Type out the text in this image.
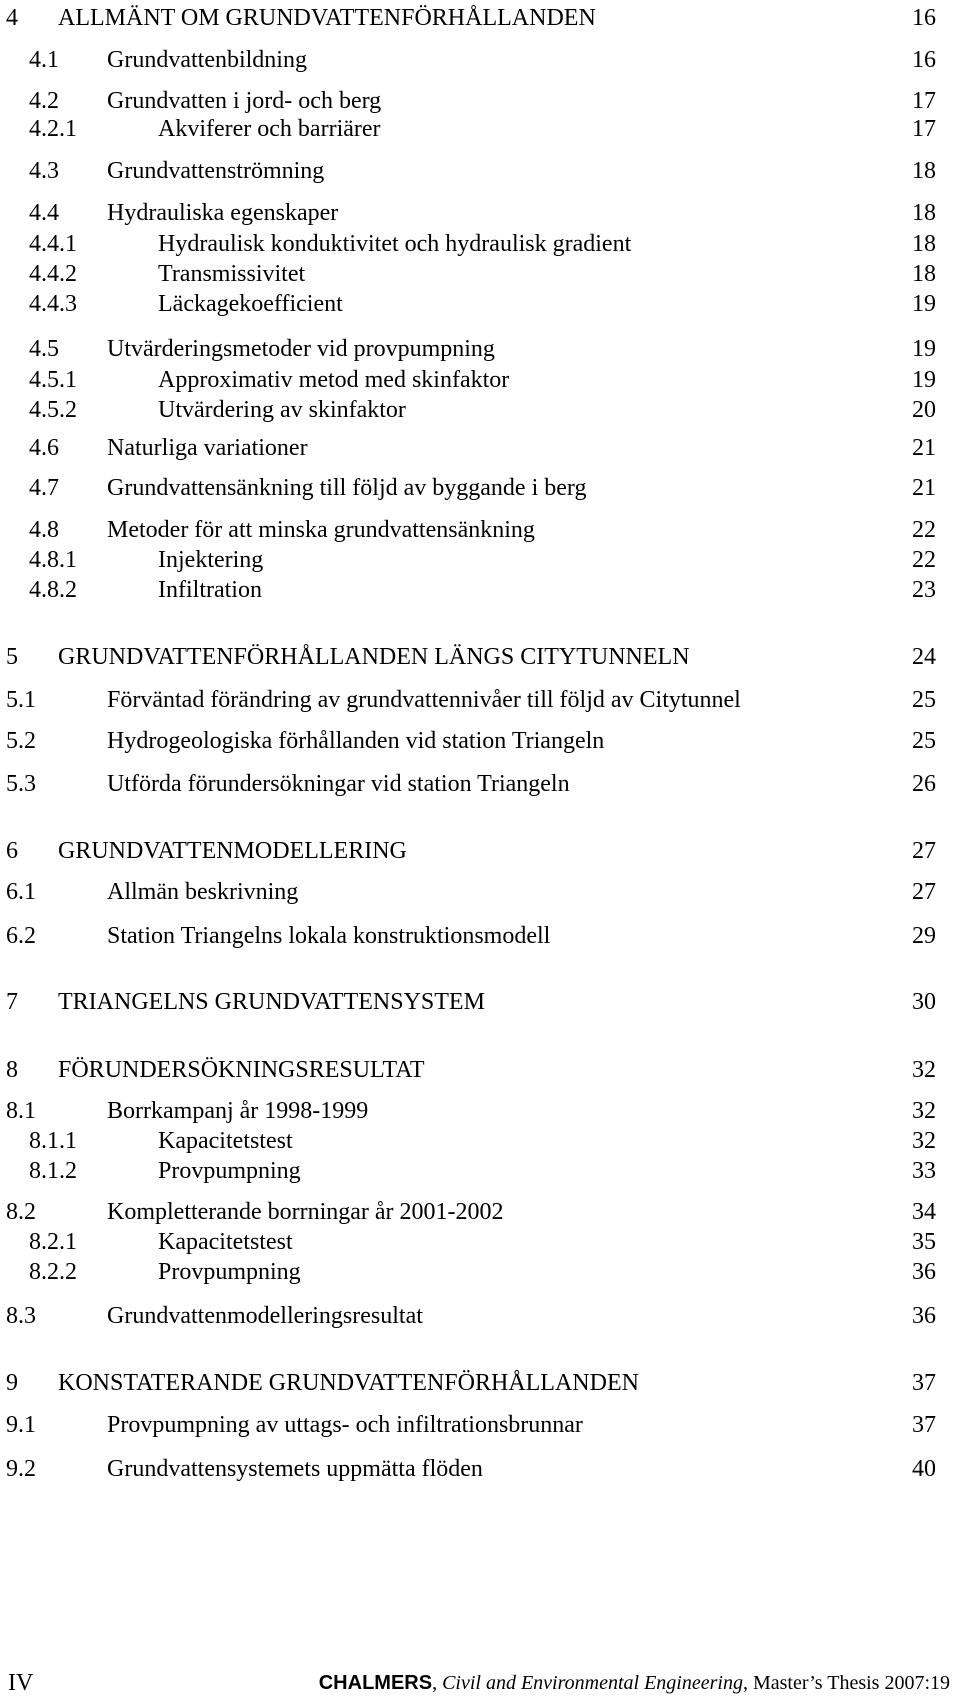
4 ALLMÄNT OM GRUNDVATTENFÖRHÅLLANDEN	16
4.1 Grundvattenbildning	16
4.2 Grundvatten i jord- och berg	17
4.2.1	Akviferer och barriärer	17
4.3 Grundvattenströmning	18
4.4 Hydrauliska egenskaper	18
4.4.1	Hydraulisk konduktivitet och hydraulisk gradient	18
4.4.2	Transmissivitet	18
4.4.3	Läckagekoefficient	19
4.5 Utvärderingsmetoder vid provpumpning	19
4.5.1	Approximativ metod med skinfaktor	19
4.5.2	Utvärdering av skinfaktor	20
4.6 Naturliga variationer	21
4.7 Grundvattensänkning till följd av byggande i berg	21
4.8 Metoder för att minska grundvattensänkning	22
4.8.1	Injektering	22
4.8.2	Infiltration	23
5 GRUNDVATTENFÖRHÅLLANDEN LÄNGS CITYTUNNELN	24
5.1	Förväntad förändring av grundvattennivåer till följd av Citytunnel	25
5.2	Hydrogeologiska förhållanden vid station Triangeln	25
5.3	Utförda förundersökningar vid station Triangeln	26
6 GRUNDVATTENMODELLERING	27
6.1	Allmän beskrivning	27
6.2	Station Triangelns lokala konstruktionsmodell	29
7 TRIANGELNS GRUNDVATTENSYSTEM	30
8 FÖRUNDERSÖKNINGSRESULTAT	32
8.1	Borrkampanj år 1998-1999	32
8.1.1	Kapacitetstest	32
8.1.2	Provpumpning	33
8.2	Kompletterande borrningar år 2001-2002	34
8.2.1	Kapacitetstest	35
8.2.2	Provpumpning	36
8.3	Grundvattenmodelleringsresultat	36
9 KONSTATERANDE GRUNDVATTENFÖRHÅLLANDEN	37
9.1	Provpumpning av uttags- och infiltrationsbrunnar	37
9.2	Grundvattensystemets uppmätta flöden	40
IV	CHALMERS, Civil and Environmental Engineering, Master’s Thesis 2007:19
